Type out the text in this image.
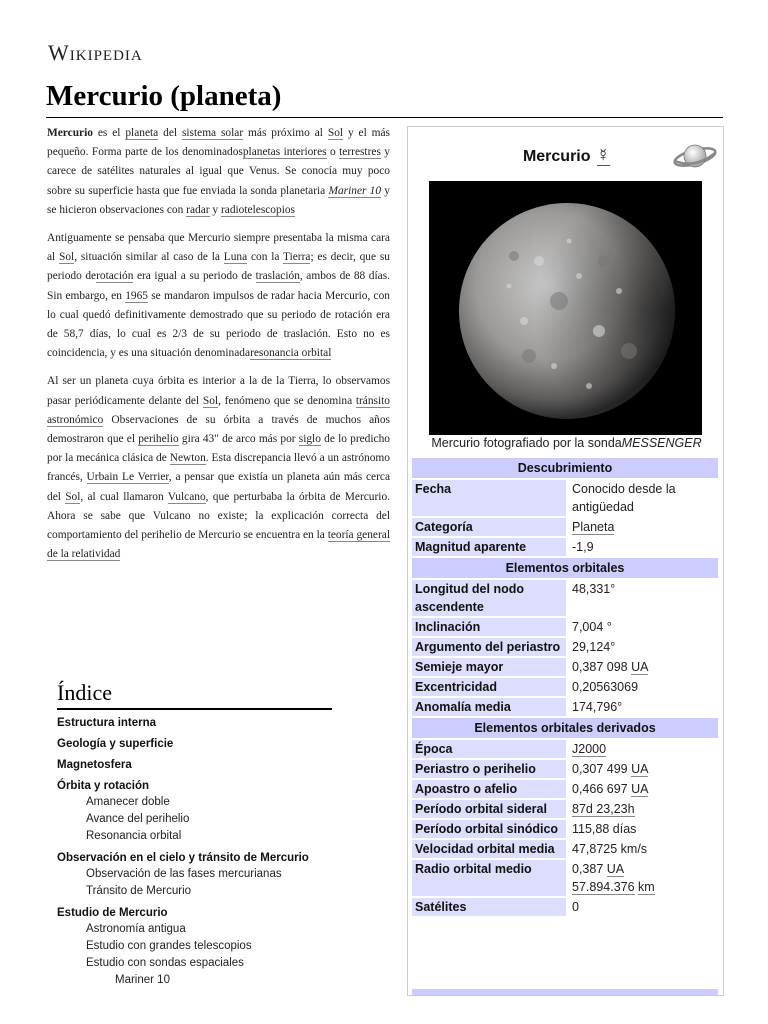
Wikipedia
Mercurio (planeta)

Mercurio es el planeta del sistema solar más próximo al Sol y el más pequeño. Forma parte de los denominadosplanetas interiores o terrestres y carece de satélites naturales al igual que Venus. Se conocía muy poco sobre su superficie hasta que fue enviada la sonda planetaria Mariner 10 y se hicieron observaciones con radar y radiotelescopios

Antiguamente se pensaba que Mercurio siempre presentaba la misma cara al Sol, situación similar al caso de la Luna con la Tierra; es decir, que su periodo derotación era igual a su periodo de traslación, ambos de 88 días. Sin embargo, en 1965 se mandaron impulsos de radar hacia Mercurio, con lo cual quedó definitivamente demostrado que su periodo de rotación era de 58,7 días, lo cual es 2/3 de su periodo de traslación. Esto no es coincidencia, y es una situación denominadaresonancia orbital

Al ser un planeta cuya órbita es interior a la de la Tierra, lo observamos pasar periódicamente delante del Sol, fenómeno que se denomina tránsito astronómico Observaciones de su órbita a través de muchos años demostraron que el perihelio gira 43" de arco más por siglo de lo predicho por la mecánica clásica de Newton. Esta discrepancia llevó a un astrónomo francés, Urbain Le Verrier, a pensar que existía un planeta aún más cerca del Sol, al cual llamaron Vulcano, que perturbaba la órbita de Mercurio. Ahora se sabe que Vulcano no existe; la explicación correcta del comportamiento del perihelio de Mercurio se encuentra en la teoría general de la relatividad

Índice
Estructura interna
Geología y superficie
Magnetosfera
Órbita y rotación
Amanecer doble
Avance del perihelio
Resonancia orbital
Observación en el cielo y tránsito de Mercurio
Observación de las fases mercurianas
Tránsito de Mercurio
Estudio de Mercurio
Astronomía antigua
Estudio con grandes telescopios
Estudio con sondas espaciales
Mariner 10
Mercurio ☿
Mercurio fotografiado por la sondaMESSENGER
Descubrimiento	
Fecha	Conocido desde la antigüedad
Categoría	Planeta
Magnitud aparente	-1,9
Elementos orbitales	
Longitud del nodo ascendente	48,331°
Inclinación	7,004 °
Argumento del periastro	29,124°
Semieje mayor	0,387 098 UA
Excentricidad	0,20563069
Anomalía media	174,796°
Elementos orbitales derivados	
Época	J2000
Periastro o perihelio	0,307 499 UA
Apoastro o afelio	0,466 697 UA
Período orbital sideral	87d 23,23h
Período orbital sinódico	115,88 días
Velocidad orbital media	47,8725 km/s
Radio orbital medio	0,387 UA
57.894.376 km
Satélites	0
